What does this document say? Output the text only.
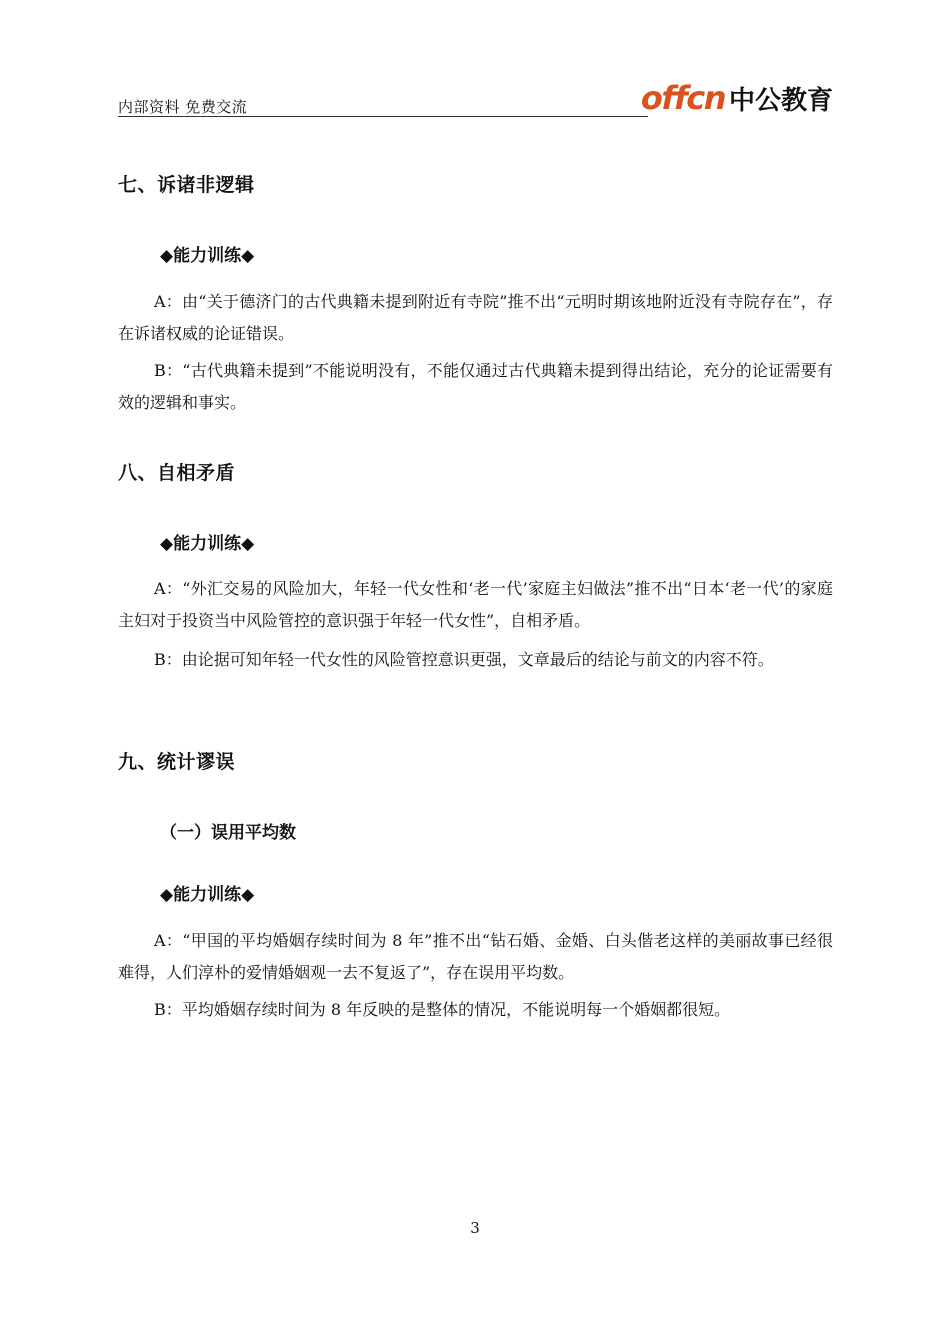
内部资料 免费交流	offcn 中公教育
七、诉诸非逻辑
◆能力训练◆
A：由“关于德济门的古代典籍未提到附近有寺院”推不出“元明时期该地附近没有寺院存在”，存在诉诸权威的论证错误。
B：“古代典籍未提到”不能说明没有，不能仅通过古代典籍未提到得出结论，充分的论证需要有效的逻辑和事实。
八、自相矛盾
◆能力训练◆
A：“外汇交易的风险加大，年轻一代女性和‘老一代’家庭主妇做法”推不出“日本‘老一代’的家庭主妇对于投资当中风险管控的意识强于年轻一代女性”，自相矛盾。
B：由论据可知年轻一代女性的风险管控意识更强，文章最后的结论与前文的内容不符。
九、统计谬误
（一）误用平均数
◆能力训练◆
A：“甲国的平均婚姻存续时间为 8 年”推不出“钻石婚、金婚、白头偕老这样的美丽故事已经很难得，人们淳朴的爱情婚姻观一去不复返了”，存在误用平均数。
B：平均婚姻存续时间为 8 年反映的是整体的情况，不能说明每一个婚姻都很短。
3
